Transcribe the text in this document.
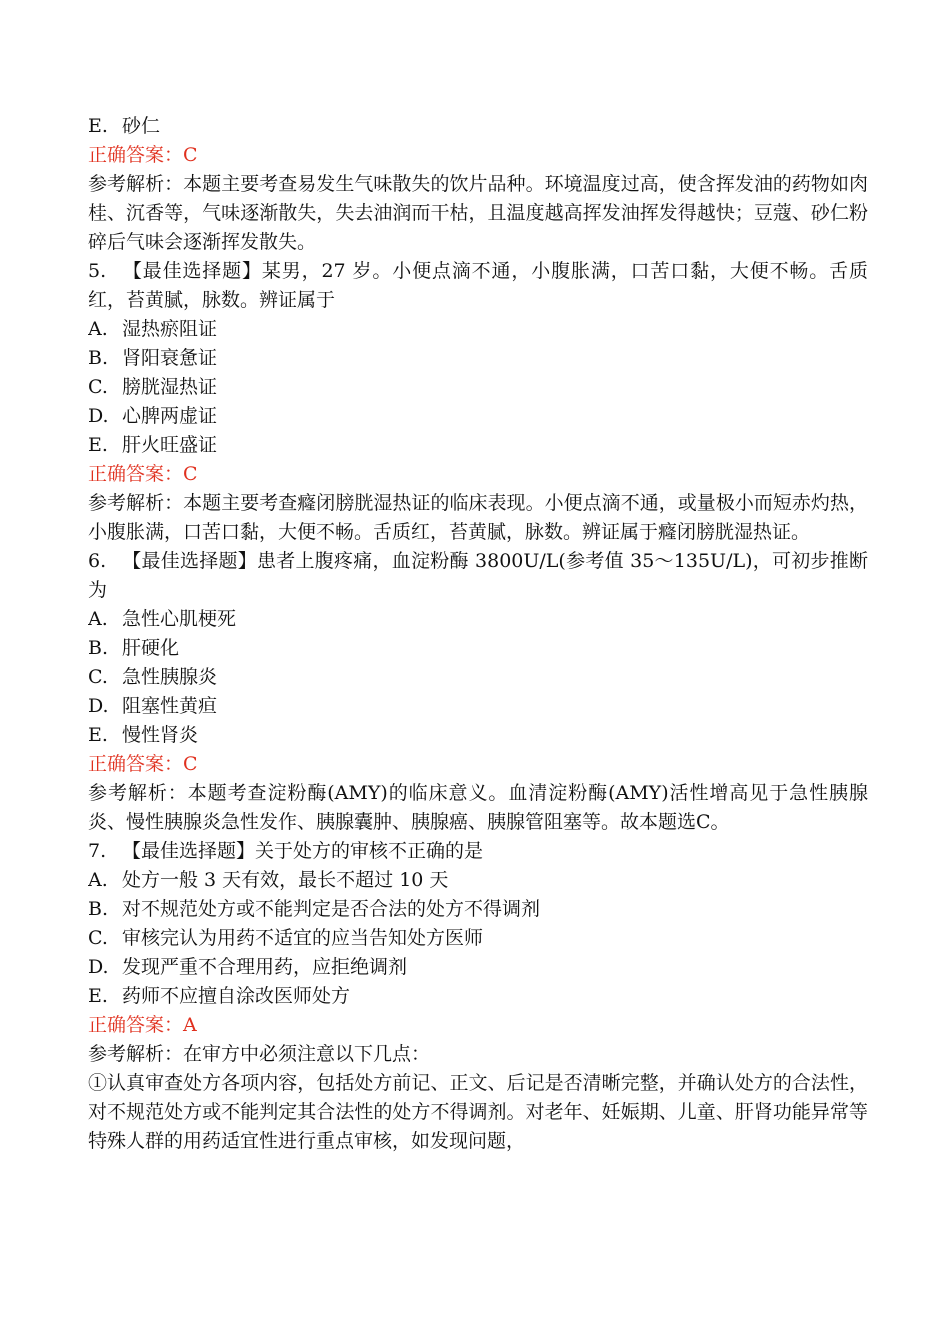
E. 砂仁
正确答案：C
参考解析：本题主要考查易发生气味散失的饮片品种。环境温度过高，使含挥发油的药物如肉桂、沉香等，气味逐渐散失，失去油润而干枯，且温度越高挥发油挥发得越快；豆蔻、砂仁粉碎后气味会逐渐挥发散失。
5. 【最佳选择题】某男，27 岁。小便点滴不通，小腹胀满，口苦口黏，大便不畅。舌质红，苔黄腻，脉数。辨证属于
A. 湿热瘀阻证
B. 肾阳衰惫证
C. 膀胱湿热证
D. 心脾两虚证
E. 肝火旺盛证
正确答案：C
参考解析：本题主要考查癃闭膀胱湿热证的临床表现。小便点滴不通，或量极小而短赤灼热，小腹胀满，口苦口黏，大便不畅。舌质红，苔黄腻，脉数。辨证属于癃闭膀胱湿热证。
6. 【最佳选择题】患者上腹疼痛，血淀粉酶 3800U/L(参考值 35～135U/L)，可初步推断为
A. 急性心肌梗死
B. 肝硬化
C. 急性胰腺炎
D. 阻塞性黄疸
E. 慢性肾炎
正确答案：C
参考解析：本题考查淀粉酶(AMY)的临床意义。血清淀粉酶(AMY)活性增高见于急性胰腺炎、慢性胰腺炎急性发作、胰腺囊肿、胰腺癌、胰腺管阻塞等。故本题选C。
7. 【最佳选择题】关于处方的审核不正确的是
A. 处方一般 3 天有效，最长不超过 10 天
B. 对不规范处方或不能判定是否合法的处方不得调剂
C. 审核完认为用药不适宜的应当告知处方医师
D. 发现严重不合理用药，应拒绝调剂
E. 药师不应擅自涂改医师处方
正确答案：A
参考解析：在审方中必须注意以下几点：
①认真审查处方各项内容，包括处方前记、正文、后记是否清晰完整，并确认处方的合法性，对不规范处方或不能判定其合法性的处方不得调剂。对老年、妊娠期、儿童、肝肾功能异常等特殊人群的用药适宜性进行重点审核，如发现问题，
